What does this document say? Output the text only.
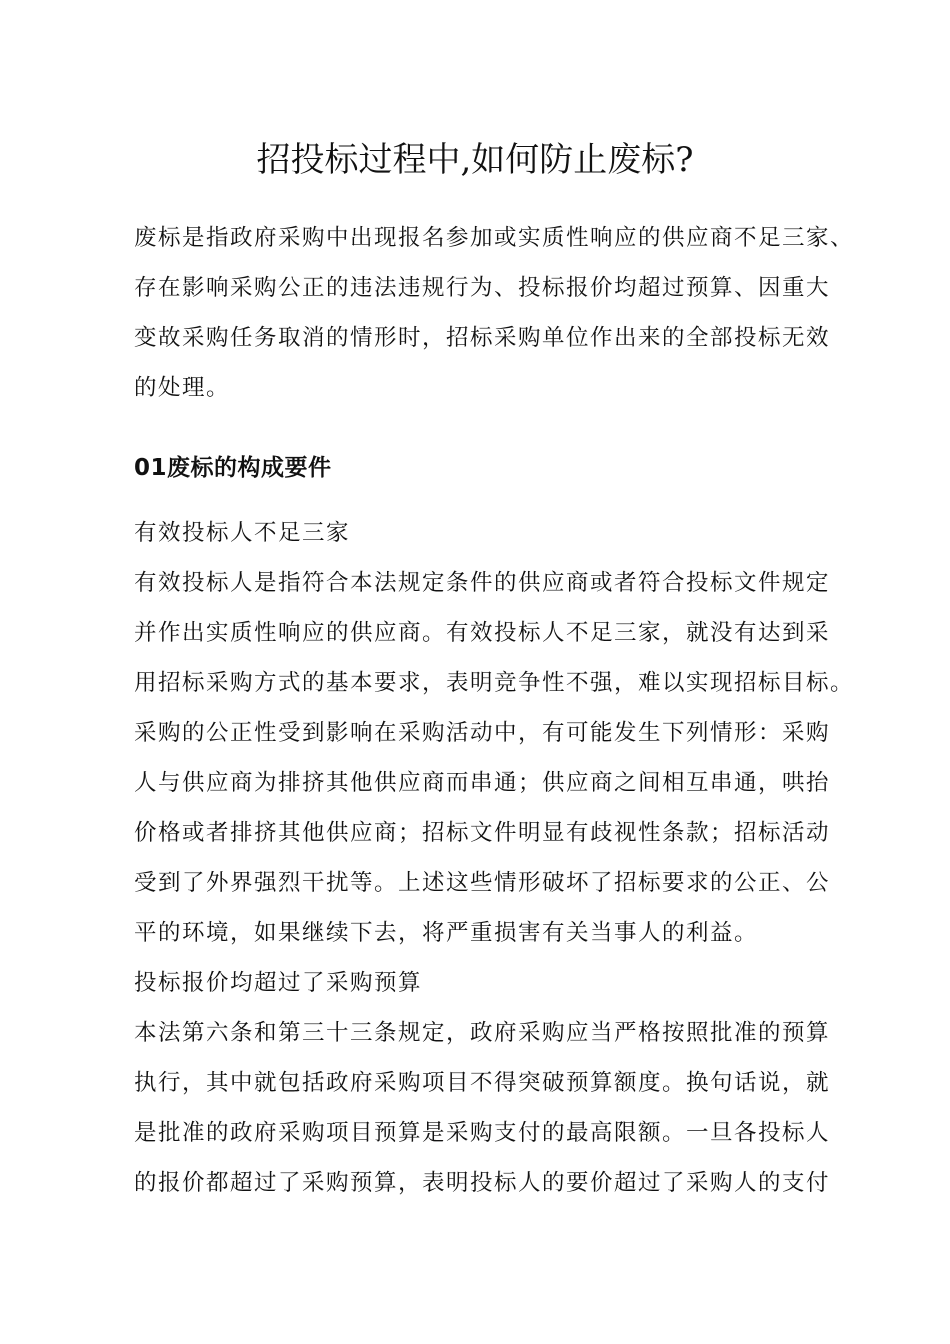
招投标过程中,如何防止废标?
废标是指政府采购中出现报名参加或实质性响应的供应商不足三家、
存在影响采购公正的违法违规行为、投标报价均超过预算、因重大
变故采购任务取消的情形时，招标采购单位作出来的全部投标无效
的处理。
01废标的构成要件
有效投标人不足三家
有效投标人是指符合本法规定条件的供应商或者符合投标文件规定
并作出实质性响应的供应商。有效投标人不足三家，就没有达到采
用招标采购方式的基本要求，表明竞争性不强，难以实现招标目标。
采购的公正性受到影响在采购活动中，有可能发生下列情形：采购
人与供应商为排挤其他供应商而串通；供应商之间相互串通，哄抬
价格或者排挤其他供应商；招标文件明显有歧视性条款；招标活动
受到了外界强烈干扰等。上述这些情形破坏了招标要求的公正、公
平的环境，如果继续下去，将严重损害有关当事人的利益。
投标报价均超过了采购预算
本法第六条和第三十三条规定，政府采购应当严格按照批准的预算
执行，其中就包括政府采购项目不得突破预算额度。换句话说，就
是批准的政府采购项目预算是采购支付的最高限额。一旦各投标人
的报价都超过了采购预算，表明投标人的要价超过了采购人的支付
